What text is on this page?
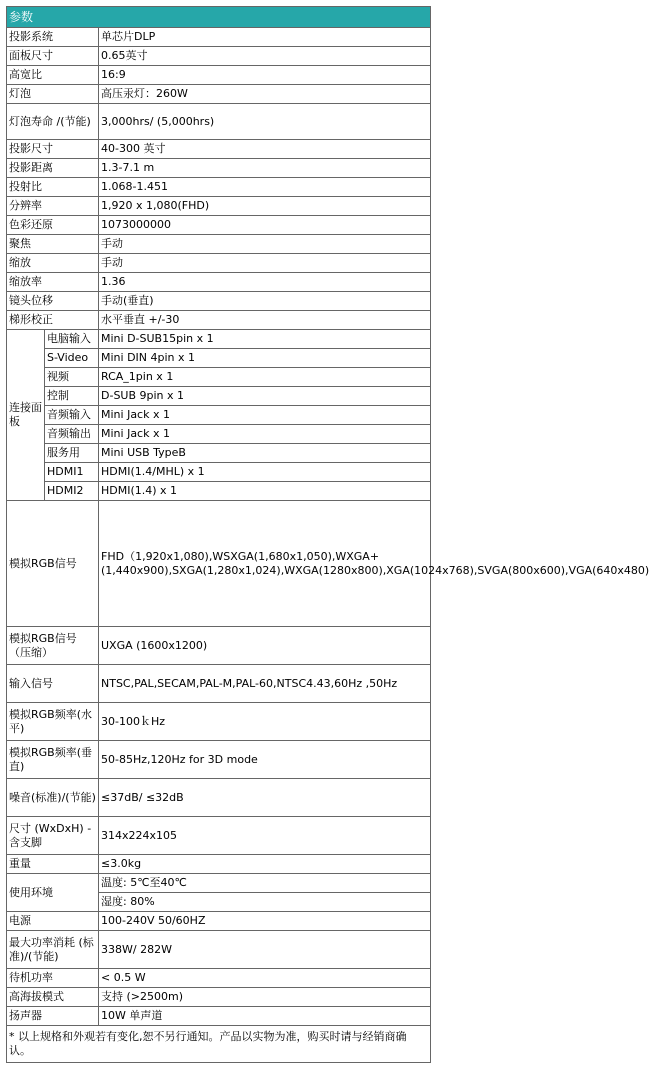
参数		
投影系统		单芯片DLP
面板尺寸		0.65英寸
高宽比		16:9
灯泡		高压汞灯：260W
灯泡寿命 /(节能)		3,000hrs/ (5,000hrs)
投影尺寸		40-300 英寸
投影距离		1.3-7.1 m
投射比		1.068-1.451
分辨率		1,920 x 1,080(FHD)
色彩还原		1073000000
聚焦		手动
缩放		手动
缩放率		1.36
镜头位移		手动(垂直)
梯形校正		水平垂直 +/-30
连接面板	电脑输入	Mini D-SUB15pin x 1
	S-Video	Mini DIN 4pin x 1
	视频	RCA_1pin x 1
	控制	D-SUB 9pin x 1
	音频输入	Mini Jack x 1
	音频输出	Mini Jack x 1
	服务用	Mini USB TypeB
	HDMI1	HDMI(1.4/MHL) x 1
	HDMI2	HDMI(1.4) x 1
模拟RGB信号		FHD（1,920x1,080),WSXGA(1,680x1,050),WXGA+(1,440x900),SXGA(1,280x1,024),WXGA(1280x800),XGA(1024x768),SVGA(800x600),VGA(640x480)
模拟RGB信号（压缩）		UXGA (1600x1200)
输入信号		NTSC,PAL,SECAM,PAL-M,PAL-60,NTSC4.43,60Hz ,50Hz
模拟RGB频率(水平)		30-100ｋHz
模拟RGB频率(垂直)		50-85Hz,120Hz for 3D mode
噪音(标准)/(节能)		≤37dB/ ≤32dB
尺寸 (WxDxH) - 含支脚		314x224x105
重量		≤3.0kg
使用环境		温度: 5℃至40℃
		湿度: 80%
电源		100-240V 50/60HZ
最大功率消耗 (标准)/(节能)		338W/ 282W
待机功率		< 0.5 W
高海拔模式		支持 (>2500m)
扬声器		10W 单声道
* 以上规格和外观若有变化,恕不另行通知。产品以实物为准，购买时请与经销商确认。		
